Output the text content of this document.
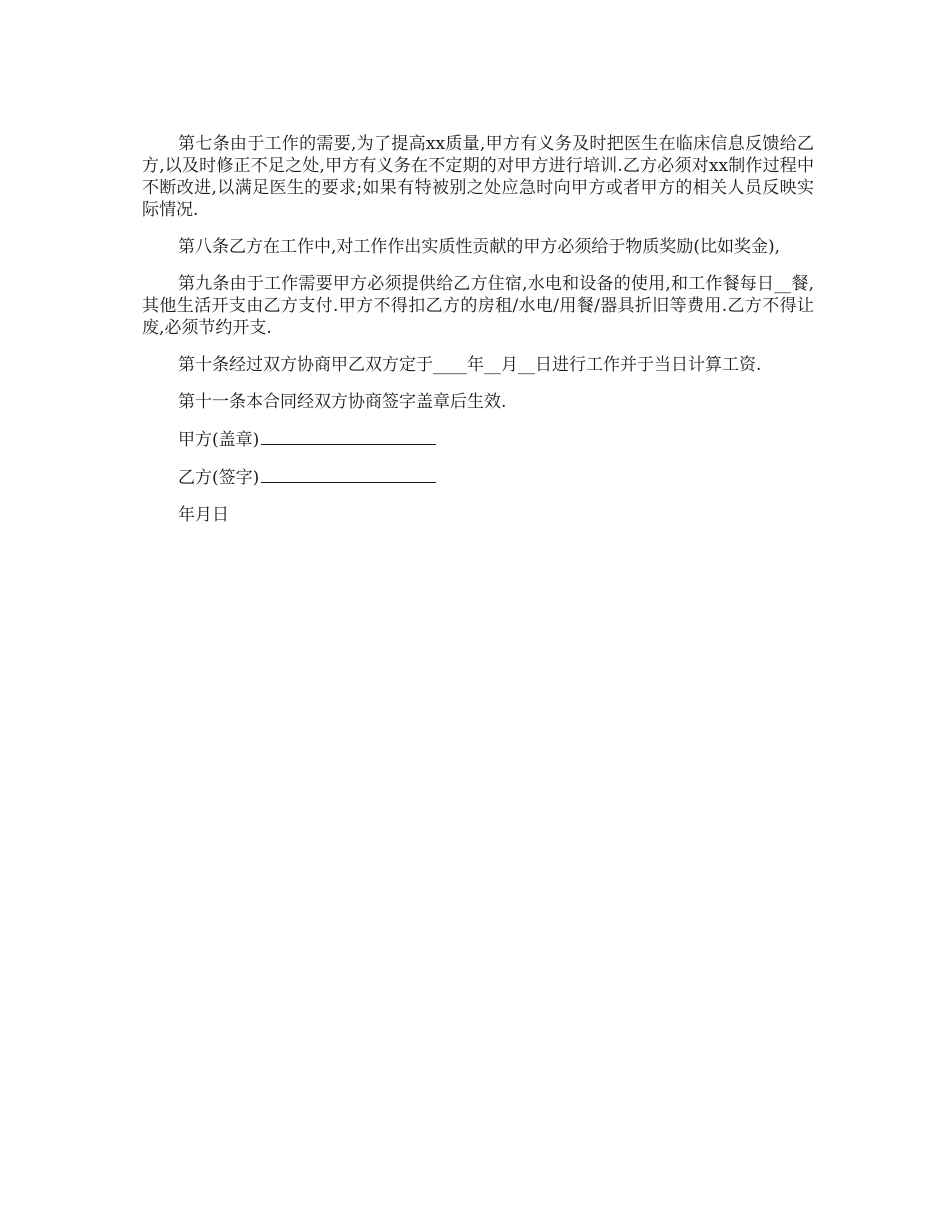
第七条由于工作的需要,为了提高xx质量,甲方有义务及时把医生在临床信息反馈给乙方,以及时修正不足之处,甲方有义务在不定期的对甲方进行培训.乙方必须对xx制作过程中不断改进,以满足医生的要求;如果有特被别之处应急时向甲方或者甲方的相关人员反映实际情况.

第八条乙方在工作中,对工作作出实质性贡献的甲方必须给于物质奖励(比如奖金),

第九条由于工作需要甲方必须提供给乙方住宿,水电和设备的使用,和工作餐每日__餐,其他生活开支由乙方支付.甲方不得扣乙方的房租/水电/用餐/器具折旧等费用.乙方不得让废,必须节约开支.

第十条经过双方协商甲乙双方定于____年__月__日进行工作并于当日计算工资.

第十一条本合同经双方协商签字盖章后生效.

甲方(盖章)
乙方(签字)
年月日
